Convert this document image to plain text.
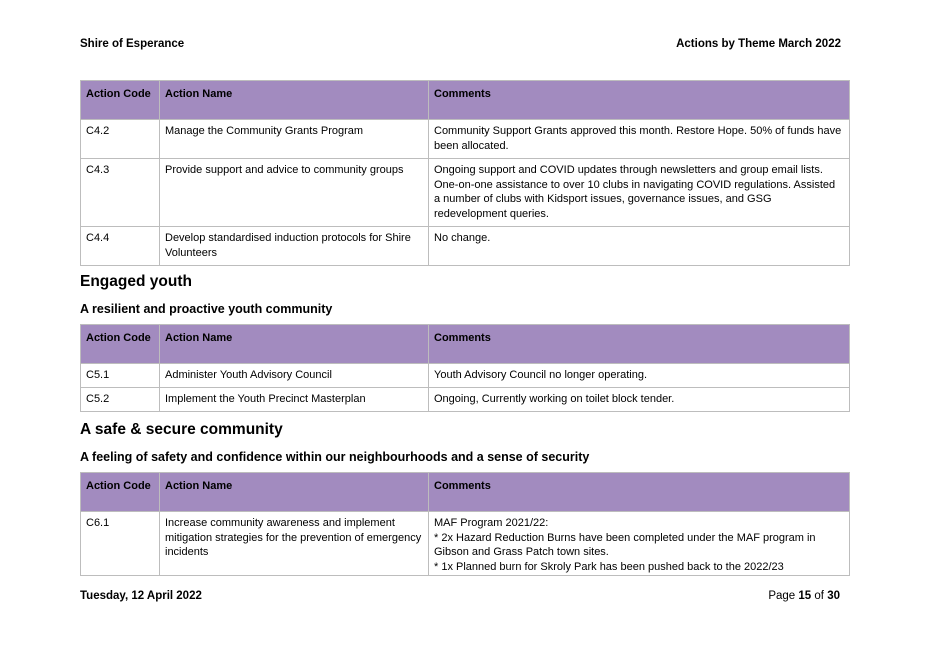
Shire of Esperance	Actions by Theme March 2022
Action Code	Action Name	Comments
C4.2	Manage the Community Grants Program	Community Support Grants approved this month. Restore Hope. 50% of funds have been allocated.
C4.3	Provide support and advice to community groups	Ongoing support and COVID updates through newsletters and group email lists. One-on-one assistance to over 10 clubs in navigating COVID regulations. Assisted a number of clubs with Kidsport issues, governance issues, and GSG redevelopment queries.
C4.4	Develop standardised induction protocols for Shire Volunteers	No change.
Engaged youth
A resilient and proactive youth community
Action Code	Action Name	Comments
C5.1	Administer Youth Advisory Council	Youth Advisory Council no longer operating.
C5.2	Implement the Youth Precinct Masterplan	Ongoing, Currently working on toilet block tender.
A safe & secure community
A feeling of safety and confidence within our neighbourhoods and a sense of security
Action Code	Action Name	Comments
C6.1	Increase community awareness and implement mitigation strategies for the prevention of emergency incidents	MAF Program 2021/22:
* 2x Hazard Reduction Burns have been completed under the MAF program in Gibson and Grass Patch town sites.
* 1x Planned burn for Skroly Park has been pushed back to the 2022/23
Tuesday, 12 April 2022	Page 15 of 30
